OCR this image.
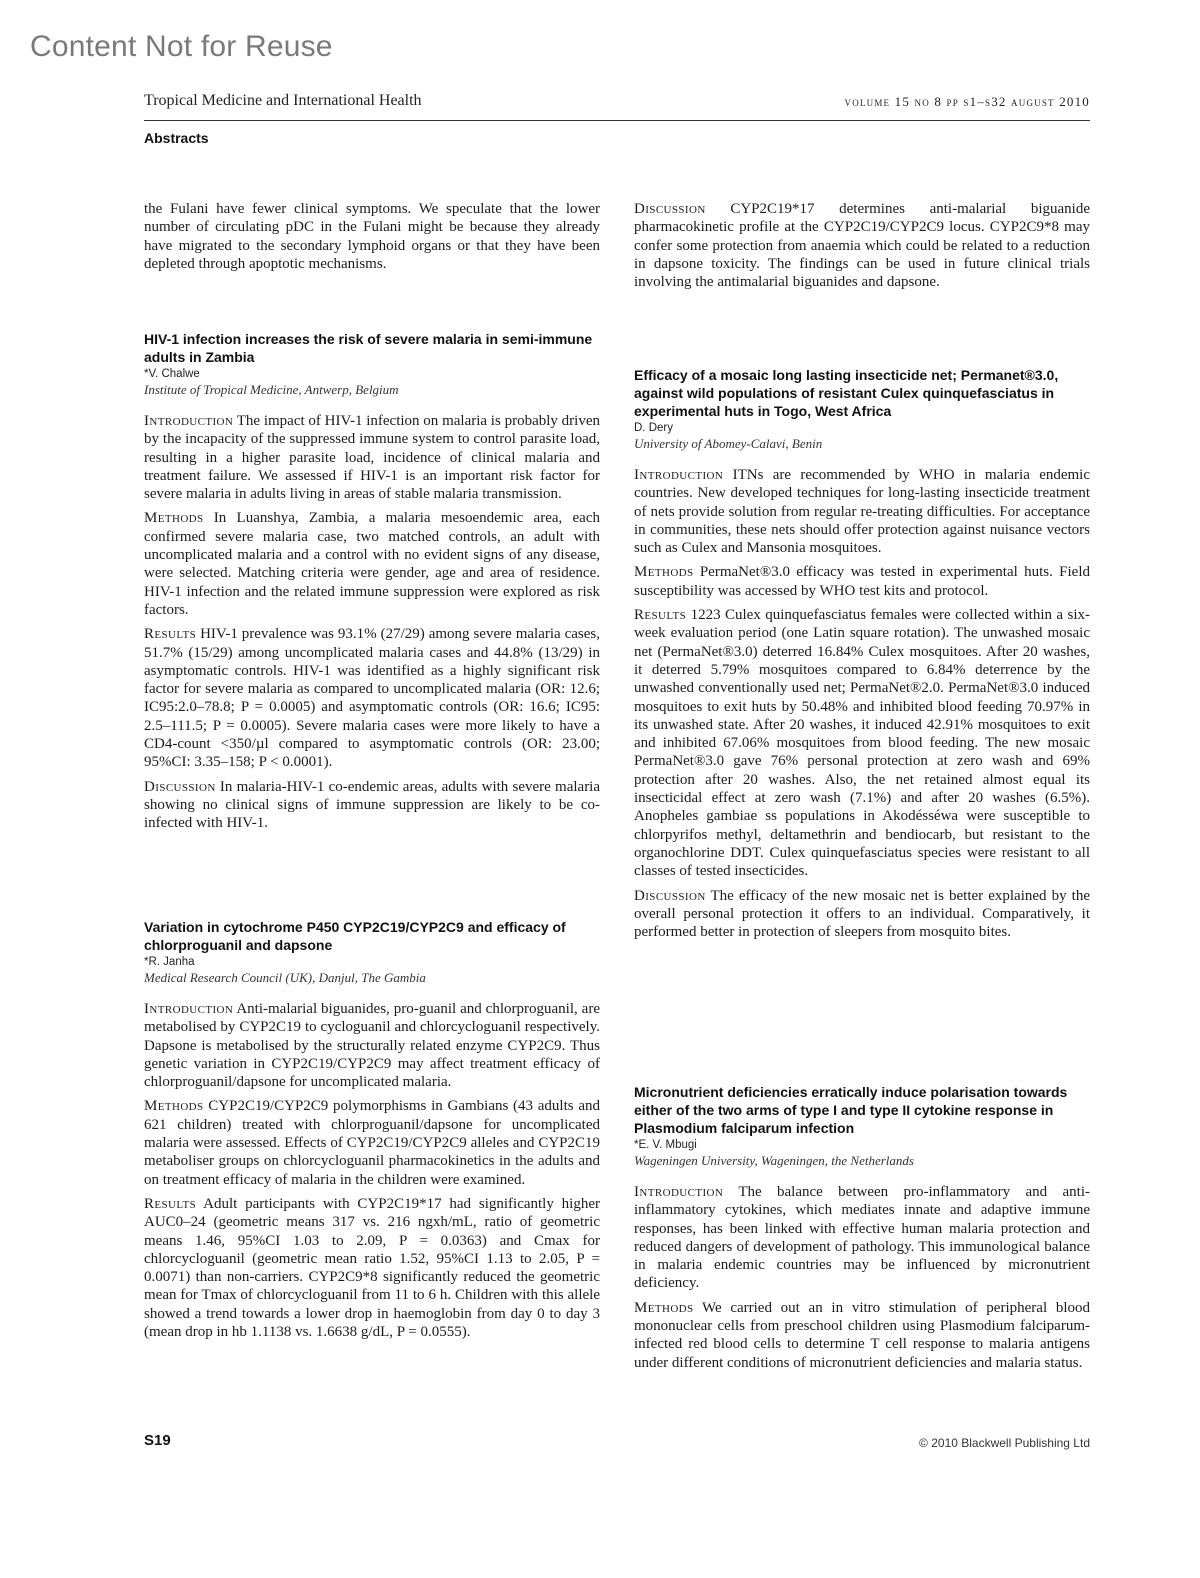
Content Not for Reuse
Tropical Medicine and International Health	volume 15 no 8 pp s1–s32 august 2010
Abstracts

the Fulani have fewer clinical symptoms. We speculate that the lower number of circulating pDC in the Fulani might be because they already have migrated to the secondary lymphoid organs or that they have been depleted through apoptotic mechanisms.

HIV-1 infection increases the risk of severe malaria in semi-immune adults in Zambia

*V. Chalwe

Institute of Tropical Medicine, Antwerp, Belgium

Introduction The impact of HIV-1 infection on malaria is probably driven by the incapacity of the suppressed immune system to control parasite load, resulting in a higher parasite load, incidence of clinical malaria and treatment failure. We assessed if HIV-1 is an important risk factor for severe malaria in adults living in areas of stable malaria transmission.

Methods In Luanshya, Zambia, a malaria mesoendemic area, each confirmed severe malaria case, two matched controls, an adult with uncomplicated malaria and a control with no evident signs of any disease, were selected. Matching criteria were gender, age and area of residence. HIV-1 infection and the related immune suppression were explored as risk factors.

Results HIV-1 prevalence was 93.1% (27/29) among severe malaria cases, 51.7% (15/29) among uncomplicated malaria cases and 44.8% (13/29) in asymptomatic controls. HIV-1 was identified as a highly significant risk factor for severe malaria as compared to uncomplicated malaria (OR: 12.6; IC95:2.0–78.8; P = 0.0005) and asymptomatic controls (OR: 16.6; IC95: 2.5–111.5; P = 0.0005). Severe malaria cases were more likely to have a CD4-count <350/µl compared to asymptomatic controls (OR: 23.00; 95%CI: 3.35–158; P < 0.0001).

Discussion In malaria-HIV-1 co-endemic areas, adults with severe malaria showing no clinical signs of immune suppression are likely to be co-infected with HIV-1.

Variation in cytochrome P450 CYP2C19/CYP2C9 and efficacy of chlorproguanil and dapsone

*R. Janha

Medical Research Council (UK), Danjul, The Gambia

Introduction Anti-malarial biguanides, pro-guanil and chlorproguanil, are metabolised by CYP2C19 to cycloguanil and chlorcycloguanil respectively. Dapsone is metabolised by the structurally related enzyme CYP2C9. Thus genetic variation in CYP2C19/CYP2C9 may affect treatment efficacy of chlorproguanil/dapsone for uncomplicated malaria.

Methods CYP2C19/CYP2C9 polymorphisms in Gambians (43 adults and 621 children) treated with chlorproguanil/dapsone for uncomplicated malaria were assessed. Effects of CYP2C19/CYP2C9 alleles and CYP2C19 metaboliser groups on chlorcycloguanil pharmacokinetics in the adults and on treatment efficacy of malaria in the children were examined.

Results Adult participants with CYP2C19*17 had significantly higher AUC0–24 (geometric means 317 vs. 216 ngxh/mL, ratio of geometric means 1.46, 95%CI 1.03 to 2.09, P = 0.0363) and Cmax for chlorcycloguanil (geometric mean ratio 1.52, 95%CI 1.13 to 2.05, P = 0.0071) than non-carriers. CYP2C9*8 significantly reduced the geometric mean for Tmax of chlorcycloguanil from 11 to 6 h. Children with this allele showed a trend towards a lower drop in haemoglobin from day 0 to day 3 (mean drop in hb 1.1138 vs. 1.6638 g/dL, P = 0.0555).

Discussion CYP2C19*17 determines anti-malarial biguanide pharmacokinetic profile at the CYP2C19/CYP2C9 locus. CYP2C9*8 may confer some protection from anaemia which could be related to a reduction in dapsone toxicity. The findings can be used in future clinical trials involving the antimalarial biguanides and dapsone.

Efficacy of a mosaic long lasting insecticide net; Permanet®3.0, against wild populations of resistant Culex quinquefasciatus in experimental huts in Togo, West Africa

D. Dery

University of Abomey-Calavi, Benin

Introduction ITNs are recommended by WHO in malaria endemic countries. New developed techniques for long-lasting insecticide treatment of nets provide solution from regular re-treating difficulties. For acceptance in communities, these nets should offer protection against nuisance vectors such as Culex and Mansonia mosquitoes.

Methods PermaNet®3.0 efficacy was tested in experimental huts. Field susceptibility was accessed by WHO test kits and protocol.

Results 1223 Culex quinquefasciatus females were collected within a six-week evaluation period (one Latin square rotation). The unwashed mosaic net (PermaNet®3.0) deterred 16.84% Culex mosquitoes. After 20 washes, it deterred 5.79% mosquitoes compared to 6.84% deterrence by the unwashed conventionally used net; PermaNet®2.0. PermaNet®3.0 induced mosquitoes to exit huts by 50.48% and inhibited blood feeding 70.97% in its unwashed state. After 20 washes, it induced 42.91% mosquitoes to exit and inhibited 67.06% mosquitoes from blood feeding. The new mosaic PermaNet®3.0 gave 76% personal protection at zero wash and 69% protection after 20 washes. Also, the net retained almost equal its insecticidal effect at zero wash (7.1%) and after 20 washes (6.5%). Anopheles gambiae ss populations in Akodésséwa were susceptible to chlorpyrifos methyl, deltamethrin and bendiocarb, but resistant to the organochlorine DDT. Culex quinquefasciatus species were resistant to all classes of tested insecticides.

Discussion The efficacy of the new mosaic net is better explained by the overall personal protection it offers to an individual. Comparatively, it performed better in protection of sleepers from mosquito bites.

Micronutrient deficiencies erratically induce polarisation towards either of the two arms of type I and type II cytokine response in Plasmodium falciparum infection

*E. V. Mbugi

Wageningen University, Wageningen, the Netherlands

Introduction The balance between pro-inflammatory and anti-inflammatory cytokines, which mediates innate and adaptive immune responses, has been linked with effective human malaria protection and reduced dangers of development of pathology. This immunological balance in malaria endemic countries may be influenced by micronutrient deficiency.

Methods We carried out an in vitro stimulation of peripheral blood mononuclear cells from preschool children using Plasmodium falciparum-infected red blood cells to determine T cell response to malaria antigens under different conditions of micronutrient deficiencies and malaria status.

S19	© 2010 Blackwell Publishing Ltd
